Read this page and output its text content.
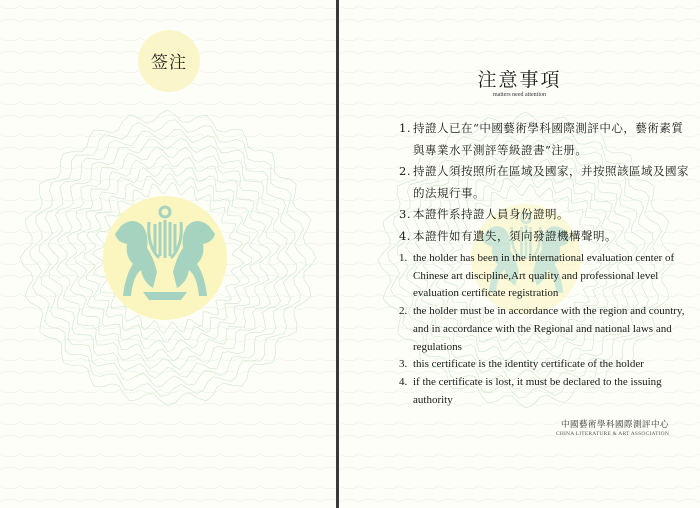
签注
注意事項
matters need attention
1. 持證人已在“中國藝術學科國際測評中心，藝術素質與專業水平測評等級證書”注册。
2. 持證人須按照所在區域及國家，并按照該區域及國家的法規行事。
3. 本證件系持證人員身份證明。
4. 本證件如有遺失，須向發證機構聲明。
1. the holder has been in the international evaluation center of Chinese art discipline,Art quality and professional level evaluation certificate registration
2. the holder must be in accordance with the region and country, and in accordance with the Regional and national laws and regulations
3. this certificate is the identity certificate of the holder
4. if the certificate is lost, it must be declared to the issuing authority
中國藝術學科國際測評中心
CHINA LITERATURE & ART ASSOCIATION
